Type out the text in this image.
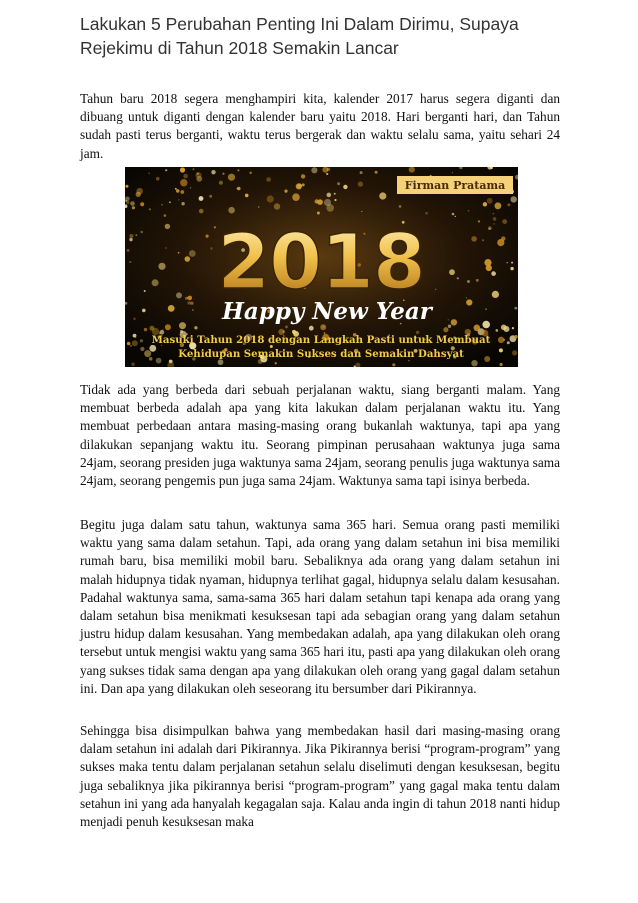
Lakukan 5 Perubahan Penting Ini Dalam Dirimu, Supaya Rejekimu di Tahun 2018 Semakin Lancar

Tahun baru 2018 segera menghampiri kita, kalender 2017 harus segera diganti dan dibuang untuk diganti dengan kalender baru yaitu 2018. Hari berganti hari, dan Tahun sudah pasti terus berganti, waktu terus bergerak dan waktu selalu sama, yaitu sehari 24 jam.

Firman Pratama
2018
Happy New Year
Masuki Tahun 2018 dengan Langkah Pasti untuk Membuat
Kehidupan Semakin Sukses dan Semakin Dahsyat

Tidak ada yang berbeda dari sebuah perjalanan waktu, siang berganti malam. Yang membuat berbeda adalah apa yang kita lakukan dalam perjalanan waktu itu. Yang membuat perbedaan antara masing-masing orang bukanlah waktunya, tapi apa yang dilakukan sepanjang waktu itu. Seorang pimpinan perusahaan waktunya juga sama 24jam, seorang presiden juga waktunya sama 24jam, seorang penulis juga waktunya sama 24jam, seorang pengemis pun juga sama 24jam. Waktunya sama tapi isinya berbeda.

Begitu juga dalam satu tahun, waktunya sama 365 hari. Semua orang pasti memiliki waktu yang sama dalam setahun. Tapi, ada orang yang dalam setahun ini bisa memiliki rumah baru, bisa memiliki mobil baru. Sebaliknya ada orang yang dalam setahun ini malah hidupnya tidak nyaman, hidupnya terlihat gagal, hidupnya selalu dalam kesusahan. Padahal waktunya sama, sama-sama 365 hari dalam setahun tapi kenapa ada orang yang dalam setahun bisa menikmati kesuksesan tapi ada sebagian orang yang dalam setahun justru hidup dalam kesusahan. Yang membedakan adalah, apa yang dilakukan oleh orang tersebut untuk mengisi waktu yang sama 365 hari itu, pasti apa yang dilakukan oleh orang yang sukses tidak sama dengan apa yang dilakukan oleh orang yang gagal dalam setahun ini. Dan apa yang dilakukan oleh seseorang itu bersumber dari Pikirannya.

Sehingga bisa disimpulkan bahwa yang membedakan hasil dari masing-masing orang dalam setahun ini adalah dari Pikirannya. Jika Pikirannya berisi “program-program” yang sukses maka tentu dalam perjalanan setahun selalu diselimuti dengan kesuksesan, begitu juga sebaliknya jika pikirannya berisi “program-program” yang gagal maka tentu dalam setahun ini yang ada hanyalah kegagalan saja. Kalau anda ingin di tahun 2018 nanti hidup menjadi penuh kesuksesan maka
